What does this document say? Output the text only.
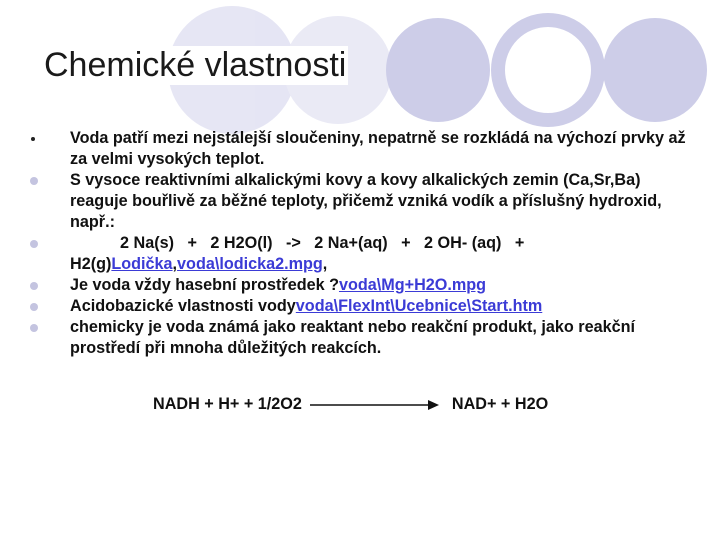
Chemické vlastnosti
Voda patří mezi nejstálejší sloučeniny, nepatrně se rozkládá na výchozí prvky až za velmi vysokých teplot.
S vysoce reaktivními alkalickými kovy a kovy alkalických zemin (Ca,Sr,Ba) reaguje bouřlivě za běžné teploty, přičemž vzniká vodík a příslušný hydroxid, např.:
2 Na(s)   +   2 H2O(l)   ->   2 Na+(aq)   +   2 OH- (aq)   +
H2(g)Lodička,voda\lodicka2.mpg,
Je voda vždy hasební prostředek ?voda\Mg+H2O.mpg
Acidobazické vlastnosti vodyvoda\FlexInt\Ucebnice\Start.htm
chemicky je voda známá jako reaktant nebo reakční produkt, jako reakční prostředí při mnoha důležitých reakcích.
NADH + H+ + 1/2O2	NAD+ + H2O
